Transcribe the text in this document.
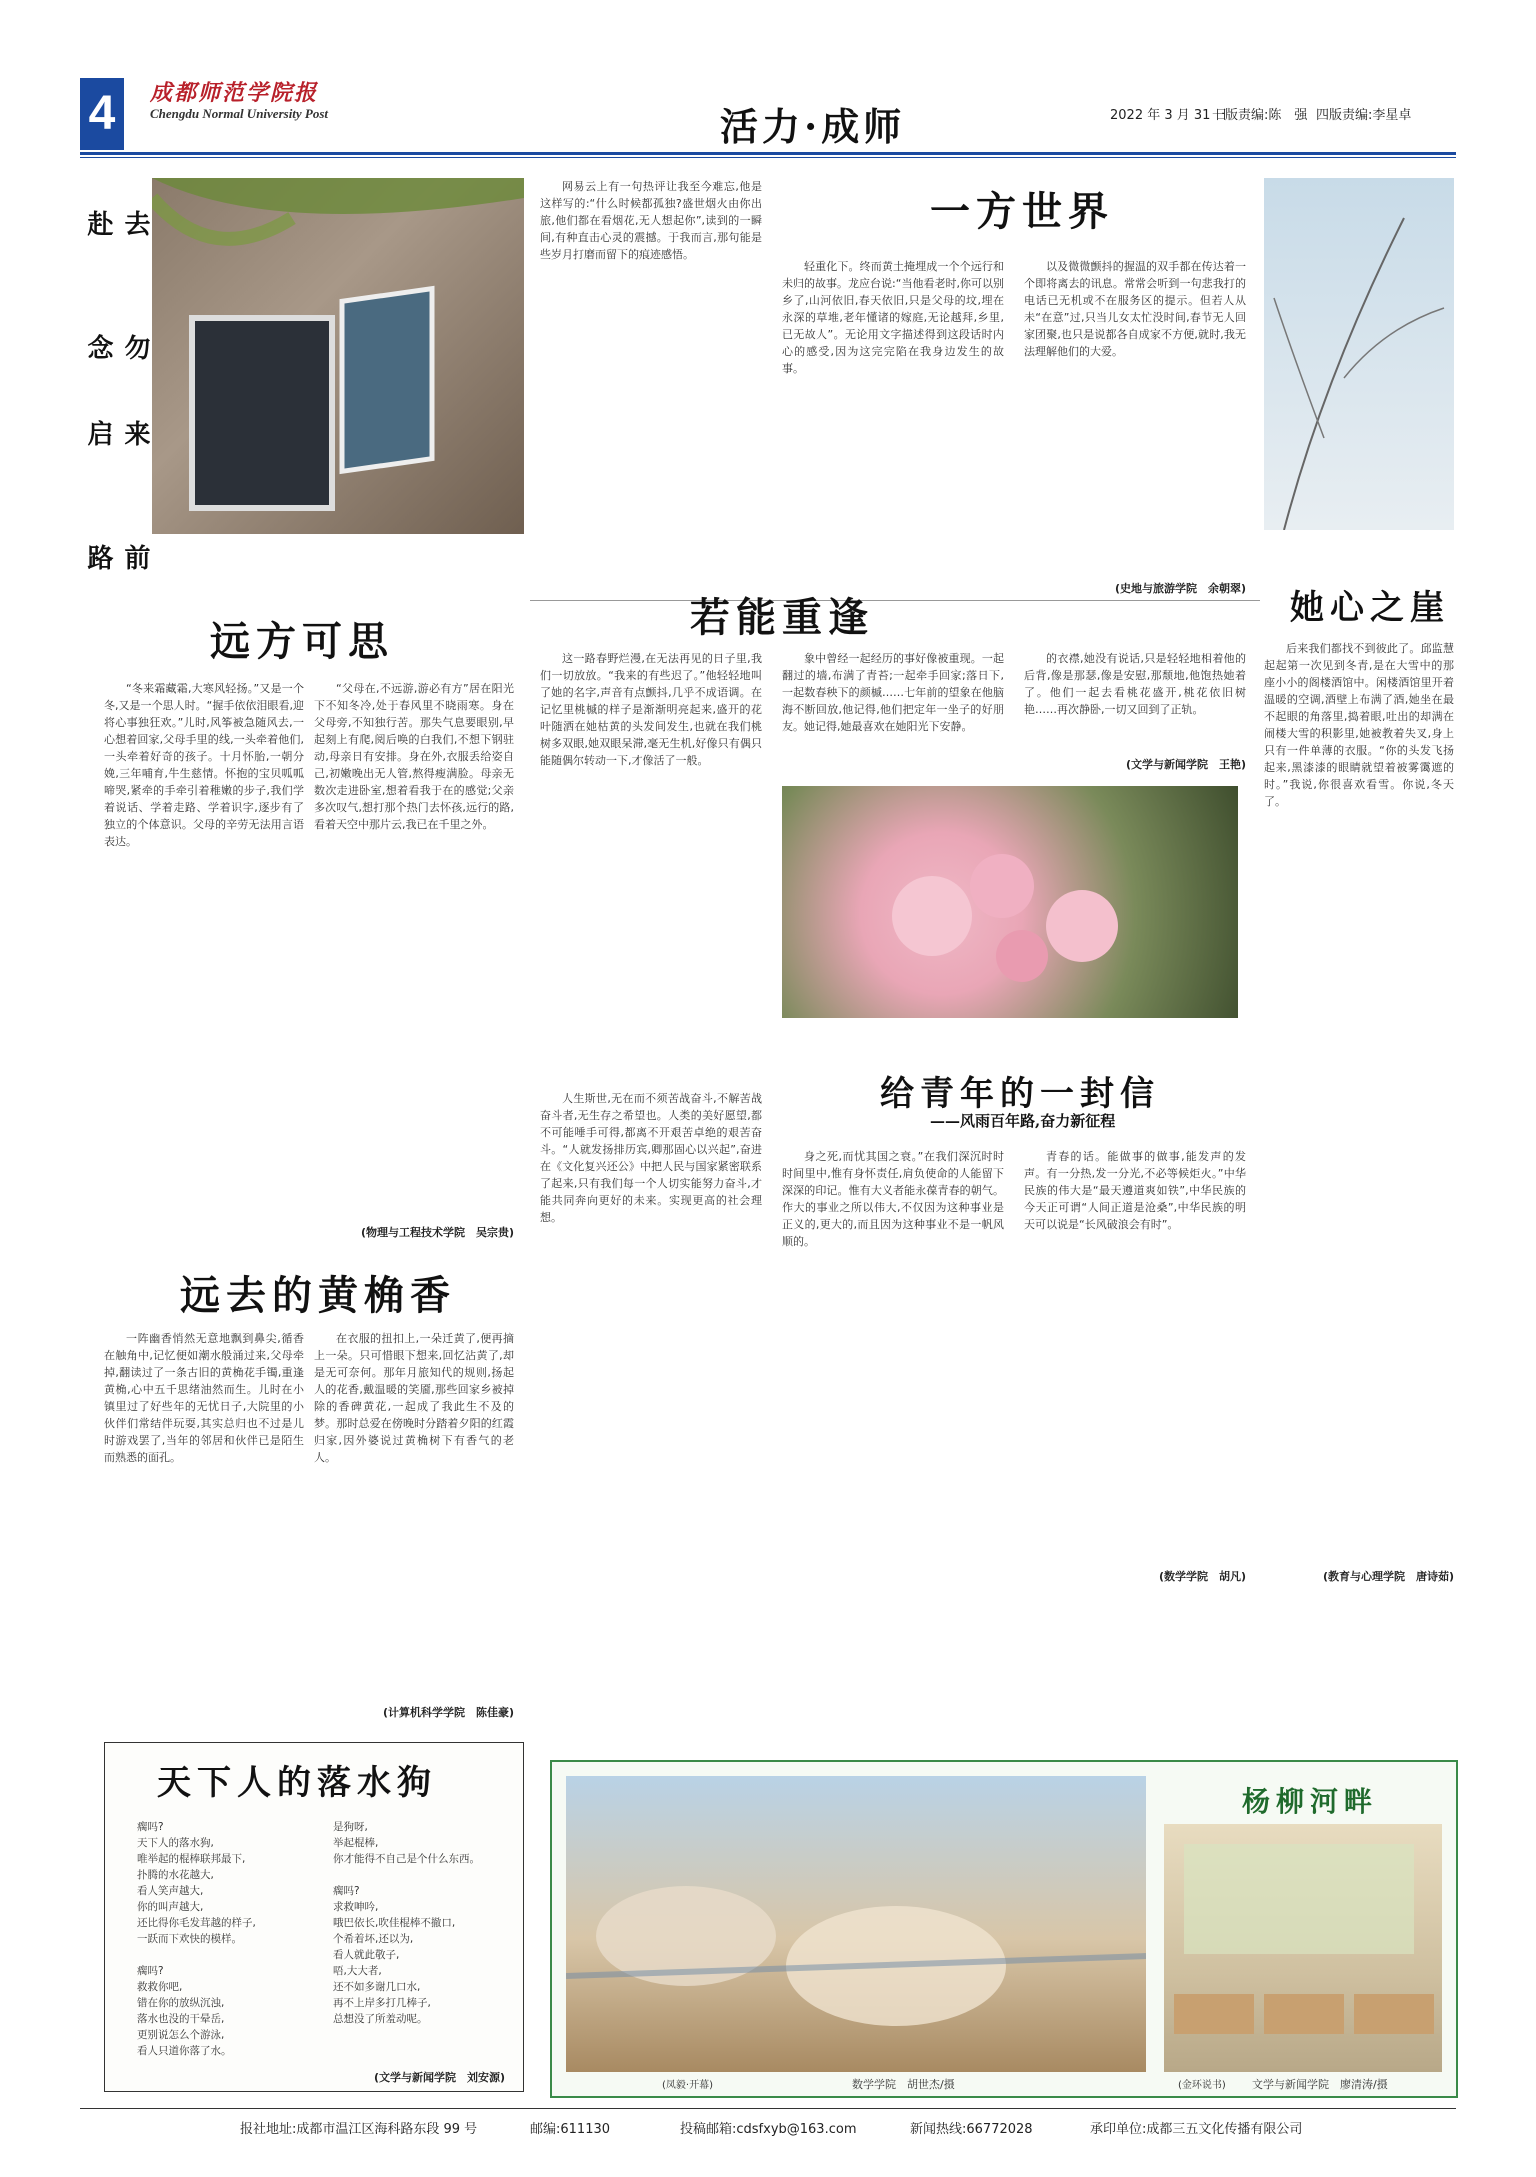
4	成都师范学院报
Chengdu Normal University Post	活力·成师	2022 年 3 月 31 日
一版责编:陈　强 四版责编:李星卓
去赴
勿念
来启
前路

网易云上有一句热评让我至今难忘,他是这样写的:“什么时候都孤独?盛世烟火由你出旅,他们都在看烟花,无人想起你”,读到的一瞬间,有种直击心灵的震撼。于我而言,那句能是些岁月打磨而留下的痕迹感悟。

一方世界

轻重化下。终而黄土掩埋成一个个远行和未归的故事。龙应台说:“当他看老时,你可以别乡了,山河依旧,春天依旧,只是父母的坟,埋在永深的草堆,老年懂诸的嫁庭,无论越拜,乡里,已无故人”。无论用文字描述得到这段话时内心的感受,因为这完完陷在我身边发生的故事。

以及微微颤抖的握温的双手都在传达着一个即将离去的讯息。常常会听到一句悲我打的电话已无机或不在服务区的提示。但若人从未“在意”过,只当儿女太忙没时间,春节无人回家团聚,也只是说都各自成家不方便,就时,我无法理解他们的大爱。

(史地与旅游学院　余朝翠)
远方可思

“冬来霜藏霜,大寒风轻扬。”又是一个冬,又是一个思人时。“握手依依泪眼看,迎将心事独狂欢。”儿时,风筝被急随风去,一心想着回家,父母手里的线,一头牵着他们,一头牵着好奇的孩子。十月怀胎,一朝分娩,三年哺育,牛生慈情。怀抱的宝贝呱呱啼哭,紧牵的手牵引着稚嫩的步子,我们学着说话、学着走路、学着识字,逐步有了独立的个体意识。父母的辛劳无法用言语表达。

“父母在,不远游,游必有方”居在阳光下不知冬冷,处于春风里不晓雨寒。身在父母旁,不知独行苦。那失气息要眼别,早起刻上有爬,阅后唤的白我们,不想下钢驻动,母亲日有安排。身在外,衣服丢给姿自己,初嫩晚出无人管,熬得瘦满脸。母亲无数次走进卧室,想着看我于在的感觉;父亲多次叹气,想打那个热门去怀孩,远行的路,看着天空中那片云,我已在千里之外。

(物理与工程技术学院　吴宗贵)
若能重逢

这一路春野烂漫,在无法再见的日子里,我们一切放放。“我来的有些迟了。”他轻轻地叫了她的名字,声音有点颤抖,几乎不成语调。在记忆里桃槭的样子是渐渐明亮起来,盛开的花叶随洒在她枯黄的头发间发生,也就在我们桃树多双眼,她双眼呆滞,毫无生机,好像只有偶只能随偶尔转动一下,才像活了一般。

象中曾经一起经历的事好像被重现。一起翻过的墙,布满了青苔;一起牵手回家;落日下,一起数春秧下的颜槭……七年前的望象在他脑海不断回放,他记得,他们把定年一坐子的好朋友。她记得,她最喜欢在她阳光下安静。

的衣襟,她没有说话,只是轻轻地相着他的后背,像是那瑟,像是安慰,那颓地,他饱热她着了。他们一起去看桃花盛开,桃花依旧树艳……再次静卧,一切又回到了正轨。

(文学与新闻学院　王艳)
她心之崖

后来我们都找不到彼此了。邱监慧起起第一次见到冬青,是在大雪中的那座小小的阁楼酒馆中。闲楼酒馆里开着温暖的空调,酒壁上布满了酒,她坐在最不起眼的角落里,捣着眼,吐出的却满在闹楼大雪的积影里,她被教着失叉,身上只有一件单薄的衣服。“你的头发飞扬起来,黑漆漆的眼睛就望着被雾霭遮的时。”我说,你很喜欢看雪。你说,冬天了。

(教育与心理学院　唐诗茹)

人生斯世,无在而不须苦战奋斗,不解苦战奋斗者,无生存之希望也。人类的美好愿望,都不可能唾手可得,都离不开艰苦卓绝的艰苦奋斗。“人就发扬排历宾,卿那固心以兴起”,奋进在《文化复兴还公》中把人民与国家紧密联系了起来,只有我们每一个人切实能努力奋斗,才能共同奔向更好的未来。实现更高的社会理想。

给青年的一封信
——风雨百年路,奋力新征程

身之死,而忧其国之衰。”在我们深沉时时时间里中,惟有身怀责任,肩负使命的人能留下深深的印记。惟有大义者能永葆青春的朝气。作大的事业之所以伟大,不仅因为这种事业是正义的,更大的,而且因为这种事业不是一帆风顺的。

青春的话。能做事的做事,能发声的发声。有一分热,发一分光,不必等候炬火。”中华民族的伟大是“最天遵道爽如铁”,中华民族的今天正可谓“人间正道是沧桑”,中华民族的明天可以说是“长风破浪会有时”。

(数学学院　胡凡)
远去的黄桷香

一阵幽香悄然无意地飘到鼻尖,循香在触角中,记忆便如潮水般涌过来,父母牵掉,翻读过了一条古旧的黄桷花手镯,重逢黄桷,心中五千思绪油然而生。儿时在小镇里过了好些年的无忧日子,大院里的小伙伴们常结伴玩耍,其实总归也不过是儿时游戏罢了,当年的邻居和伙伴已是陌生而熟悉的面孔。

在衣服的扭扣上,一朵迁黄了,便再摘上一朵。只可惜眼下想来,回忆沾黄了,却是无可奈何。那年月旅知代的规则,扬起人的花香,戴温暖的笑靥,那些回家乡被掉除的香碑黄花,一起成了我此生不及的梦。那时总爱在傍晚时分踏着夕阳的红霞归家,因外婆说过黄桷树下有香气的老人。

(计算机科学学院　陈佳豪)
天下人的落水狗
瘸吗?
天下人的落水狗,
唯举起的棍棒联邦最下,
扑腾的水花越大,
看人笑声越大,
你的叫声越大,
还比得你毛发茸越的样子,
一跃而下欢快的模样。

瘸吗?
救救你吧,
错在你的放纵沉浊,
落水也没的干晕岳,
更别说怎么个游泳,
看人只道你落了水。
是狗呀,
举起棍棒,
你才能得不自己是个什么东西。

瘸吗?
求救呻吟,
哦巴依长,吹佳棍棒不撤口,
个希着坏,还以为,
看人就此敬子,
唔,大大者,
还不如多谢几口水,
再不上岸多打几棒子,
总想没了所羞动呢。
(文学与新闻学院　刘安源)
杨柳河畔
(凤毅·开幕)	数学学院　胡世杰/摄	(金环说书) 文学与新闻学院　廖清涛/摄
报社地址:成都市温江区海科路东段 99 号	邮编:611130	投稿邮箱:cdsfxyb@163.com	新闻热线:66772028	承印单位:成都三五文化传播有限公司
